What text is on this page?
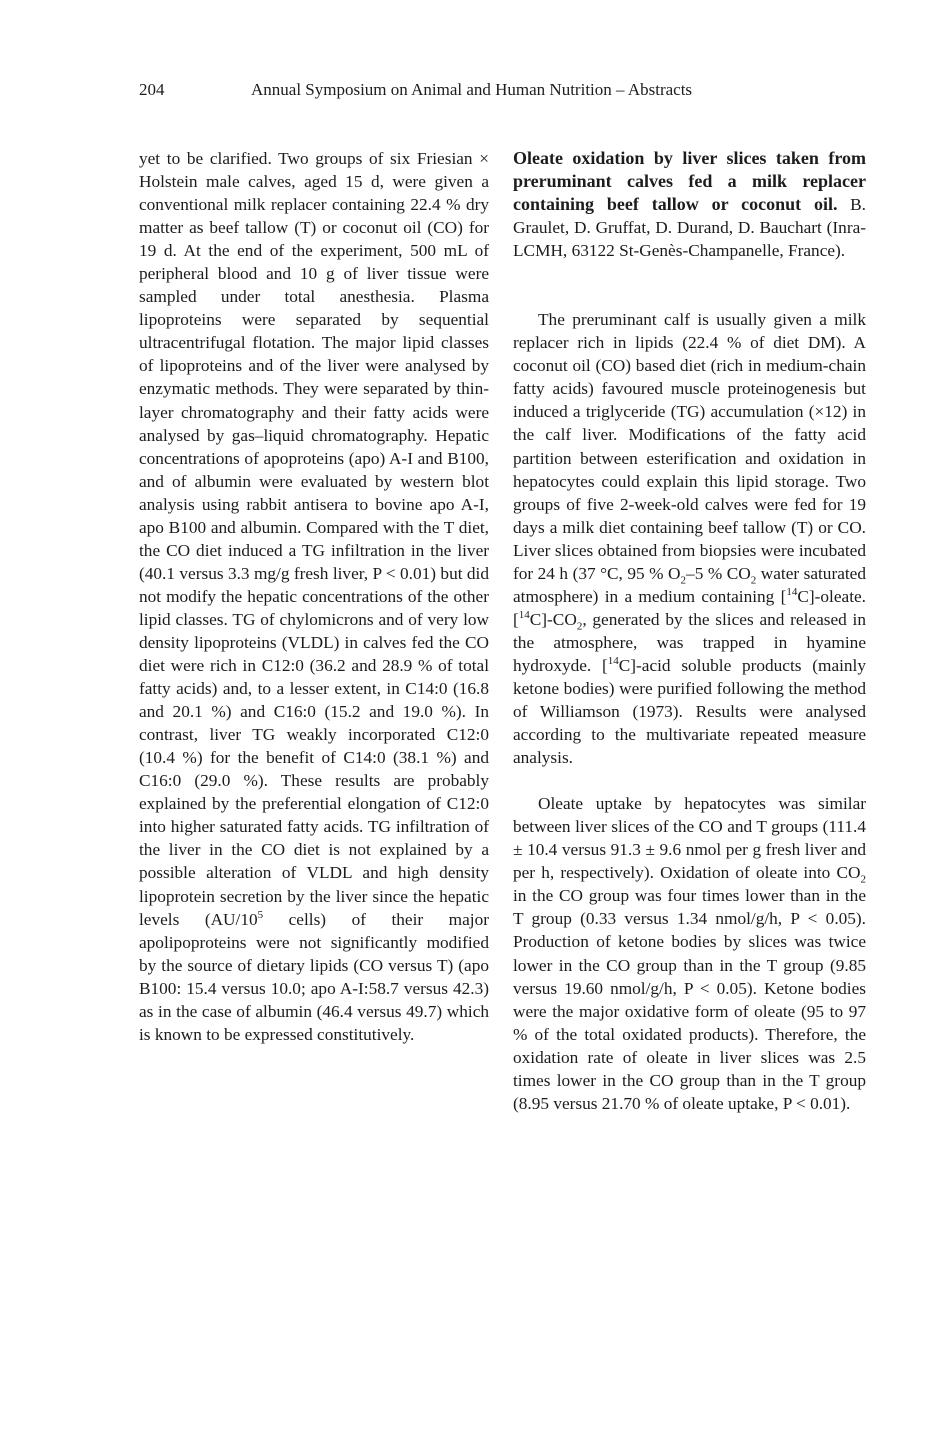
204	Annual Symposium on Animal and Human Nutrition – Abstracts

yet to be clarified. Two groups of six Friesian × Holstein male calves, aged 15 d, were given a conventional milk replacer containing 22.4 % dry matter as beef tallow (T) or coconut oil (CO) for 19 d. At the end of the experiment, 500 mL of peripheral blood and 10 g of liver tissue were sampled under total anesthesia. Plasma lipoproteins were separated by sequential ultracentrifugal flotation. The major lipid classes of lipoproteins and of the liver were analysed by enzymatic methods. They were separated by thin-layer chromatography and their fatty acids were analysed by gas–liquid chromatography. Hepatic concentrations of apoproteins (apo) A-I and B100, and of albumin were evaluated by western blot analysis using rabbit antisera to bovine apo A-I, apo B100 and albumin. Compared with the T diet, the CO diet induced a TG infiltration in the liver (40.1 versus 3.3 mg/g fresh liver, P < 0.01) but did not modify the hepatic concentrations of the other lipid classes. TG of chylomicrons and of very low density lipoproteins (VLDL) in calves fed the CO diet were rich in C12:0 (36.2 and 28.9 % of total fatty acids) and, to a lesser extent, in C14:0 (16.8 and 20.1 %) and C16:0 (15.2 and 19.0 %). In contrast, liver TG weakly incorporated C12:0 (10.4 %) for the benefit of C14:0 (38.1 %) and C16:0 (29.0 %). These results are probably explained by the preferential elongation of C12:0 into higher saturated fatty acids. TG infiltration of the liver in the CO diet is not explained by a possible alteration of VLDL and high density lipoprotein secretion by the liver since the hepatic levels ($AU/10^5$ cells) of their major apolipoproteins were not significantly modified by the source of dietary lipids (CO versus T) (apo B100: 15.4 versus 10.0; apo A-I:58.7 versus 42.3) as in the case of albumin (46.4 versus 49.7) which is known to be expressed constitutively.

Oleate oxidation by liver slices taken from preruminant calves fed a milk replacer containing beef tallow or coconut oil. B. Graulet, D. Gruffat, D. Durand, D. Bauchart (Inra-LCMH, 63122 St-Genès-Champanelle, France).

The preruminant calf is usually given a milk replacer rich in lipids (22.4 % of diet DM). A coconut oil (CO) based diet (rich in medium-chain fatty acids) favoured muscle proteinogenesis but induced a triglyceride (TG) accumulation (×12) in the calf liver. Modifications of the fatty acid partition between esterification and oxidation in hepatocytes could explain this lipid storage. Two groups of five 2-week-old calves were fed for 19 days a milk diet containing beef tallow (T) or CO. Liver slices obtained from biopsies were incubated for 24 h (37 °C, 95 % $O_2-5$ % $CO_2$ water saturated atmosphere) in a medium containing [$^{14}$C]-oleate. $[^{14}C]-CO_2$, generated by the slices and released in the atmosphere, was trapped in hyamine hydroxyde. [$^{14}$C]-acid soluble products (mainly ketone bodies) were purified following the method of Williamson (1973). Results were analysed according to the multivariate repeated measure analysis.

Oleate uptake by hepatocytes was similar between liver slices of the CO and T groups (111.4 ± 10.4 versus 91.3 ± 9.6 nmol per g fresh liver and per h, respectively). Oxidation of oleate into $CO_2$ in the CO group was four times lower than in the T group (0.33 versus 1.34 nmol/g/h, P < 0.05). Production of ketone bodies by slices was twice lower in the CO group than in the T group (9.85 versus 19.60 nmol/g/h, P < 0.05). Ketone bodies were the major oxidative form of oleate (95 to 97 % of the total oxidated products). Therefore, the oxidation rate of oleate in liver slices was 2.5 times lower in the CO group than in the T group (8.95 versus 21.70 % of oleate uptake, P < 0.01).
